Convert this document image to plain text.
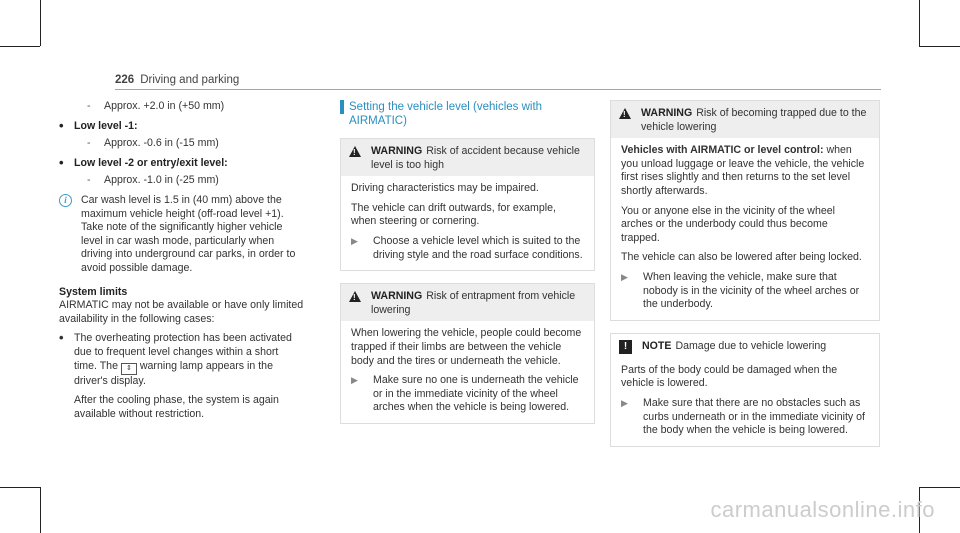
226 Driving and parking
-	Approx. +2.0 in (+50 mm)
• Low level -1:
-	Approx. -0.6 in (-15 mm)
• Low level -2 or entry/exit level:
-	Approx. -1.0 in (-25 mm)
i	Car wash level is 1.5 in (40 mm) above the maximum vehicle height (off-road level +1). Take note of the significantly higher vehicle level in car wash mode, particularly when driving into underground car parks, in order to avoid possible damage.
System limits

AIRMATIC may not be available or have only limited availability in the following cases:

• The overheating protection has been activated due to frequent level changes within a short time. The ⇕ warning lamp appears in the driver's display.

After the cooling phase, the system is again available without restriction.

Setting the vehicle level (vehicles with AIRMATIC)
! WARNING Risk of accident because vehicle level is too high

Driving characteristics may be impaired.

The vehicle can drift outwards, for example, when steering or cornering.

▶	Choose a vehicle level which is suited to the driving style and the road surface conditions.
! WARNING Risk of entrapment from vehicle lowering

When lowering the vehicle, people could become trapped if their limbs are between the vehicle body and the tires or underneath the vehicle.

▶	Make sure no one is underneath the vehicle or in the immediate vicinity of the wheel arches when the vehicle is being lowered.
! WARNING Risk of becoming trapped due to the vehicle lowering

Vehicles with AIRMATIC or level control: when you unload luggage or leave the vehicle, the vehicle first rises slightly and then returns to the set level shortly afterwards.

You or anyone else in the vicinity of the wheel arches or the underbody could thus become trapped.

The vehicle can also be lowered after being locked.

▶	When leaving the vehicle, make sure that nobody is in the vicinity of the wheel arches or the underbody.
!	NOTE Damage due to vehicle lowering

Parts of the body could be damaged when the vehicle is lowered.

▶	Make sure that there are no obstacles such as curbs underneath or in the immediate vicinity of the body when the vehicle is being lowered.
carmanualsonline.info
